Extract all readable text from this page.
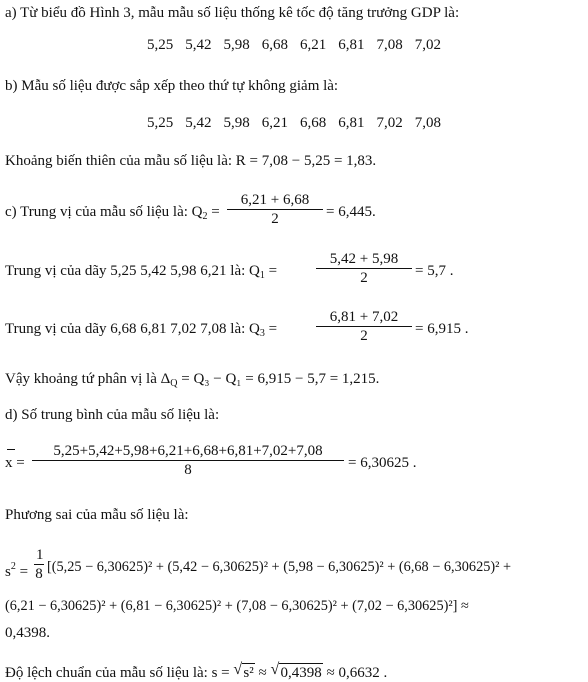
a) Từ biểu đồ Hình 3, mẫu mẫu số liệu thống kê tốc độ tăng trưởng GDP là:
5,25 5,42 5,98 6,68 6,21 6,81 7,08 7,02
b) Mẫu số liệu được sắp xếp theo thứ tự không giảm là:
5,25 5,42 5,98 6,21 6,68 6,81 7,02 7,08
Khoảng biến thiên của mẫu số liệu là: R = 7,08 − 5,25 = 1,83.
c) Trung vị của mẫu số liệu là: $Q_2 = \frac{6,21 + 6,68}{2} = 6,445$.
Trung vị của dãy 5,25 5,42 5,98 6,21 là: $Q_1$ =	$\frac{5,42 + 5,98}{2} = 5,7$ .
Trung vị của dãy 6,68 6,81 7,02 7,08 là: $Q_3$ =	$\frac{6,81 + 7,02}{2} = 6,915$ .
Vậy khoảng tứ phân vị là $\Delta_Q = Q_3 - Q_1 = 6,915 - 5,7 = 1,215$.
d) Số trung bình của mẫu số liệu là:
$x = \frac{5,25+5,42+5,98+6,21+6,68+6,81+7,02+7,08}{8} = 6,30625$ .
Phương sai của mẫu số liệu là:
$s^2 = \frac{1}{8} [(5,25 - 6,30625)^2 + (5,42 - 6,30625)^2 + (5,98 - 6,30625)^2 + (6,68 - 6,30625)^2$ +
(6,21 − 6,30625)² + (6,81 − 6,30625)² + (7,08 − 6,30625)² + (7,02 − 6,30625)²] ≈
0,4398.
Độ lệch chuẩn của mẫu số liệu là: s = √ s² ≈ √ 0,4398 ≈ 0,6632 .
